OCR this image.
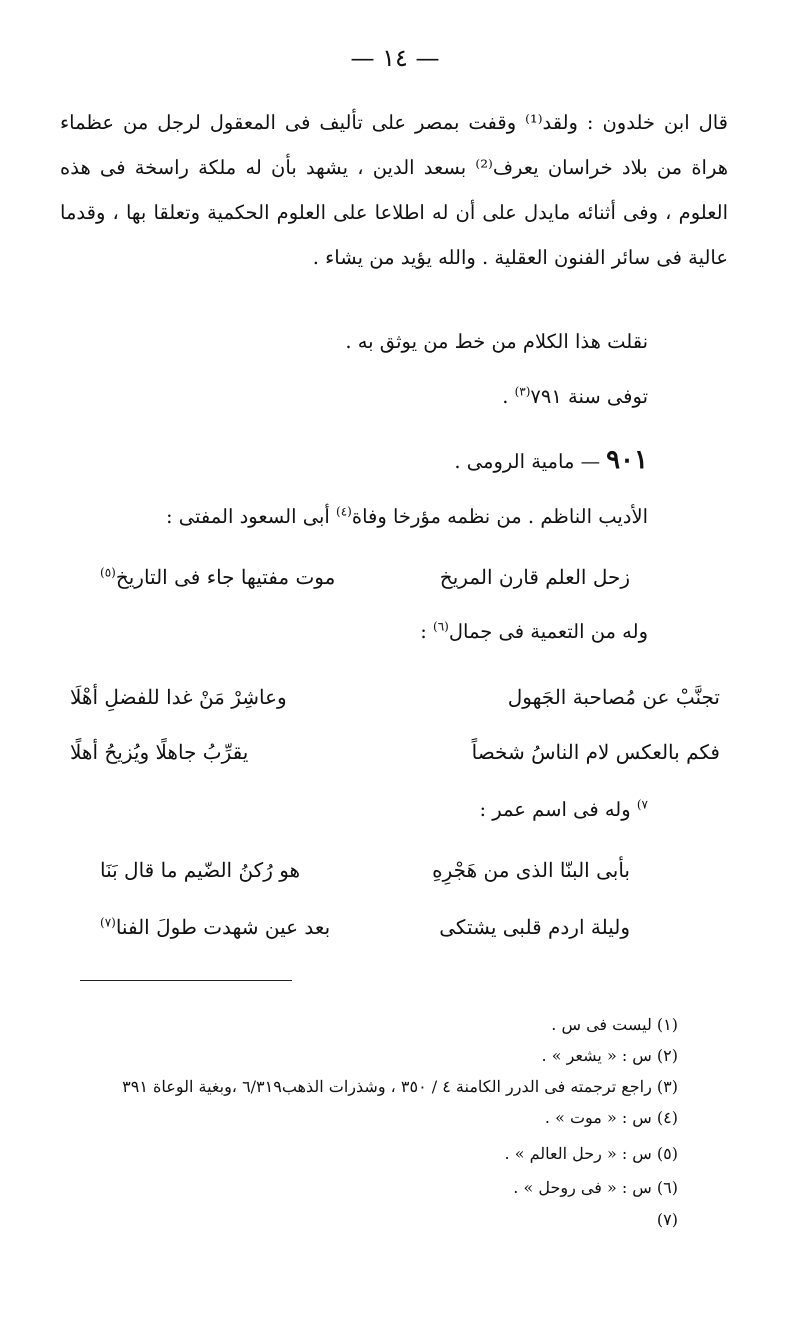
— ١٤ —
قال ابن خلدون : ولقد⁽¹⁾ وقفت بمصر على تأليف فى المعقول لرجل من عظماء هراة من بلاد خراسان يعرف⁽²⁾ بسعد الدين ، يشهد بأن له ملكة راسخة فى هذه العلوم ، وفى أثنائه مايدل على أن له اطلاعا على العلوم الحكمية وتعلقا بها ، وقدما عالية فى سائر الفنون العقلية . والله يؤيد من يشاء .
نقلت هذا الكلام من خط من يوثق به .
توفى سنة ٧٩١$^{(٣)}$ .
٩٠١— مامية الرومى .
الأديب الناظم . من نظمه مؤرخا وفاة$^{(٤)}$ أبى السعود المفتى :
زحل العلم قارن المريخ
موت مفتيها جاء فى التاريخ$^{(٥)}$
وله من التعمية فى جمال$^{(٦)}$ :
تجنَّبْ عن مُصاحبة الجَهول
وعاشِرْ مَنْ غدا للفضلِ أهْلَا
فكم بالعكس لام الناسُ شخصاً
يقرِّبُ جاهلًا ويُزيحُ أهلًا
$^{٧)}$ وله فى اسم عمر :
بأبى البنّا الذى من هَجْرِهِ
هو رُكنُ الضّيم ما قال بَنَا
وليلة اردم قلبى يشتكى
بعد عين شهدت طولَ الفنا$^{(٧)}$
(١) ليست فى س .
(٢) س : « يشعر » .
(٣) راجع ترجمته فى الدرر الكامنة ٤ / ٣٥٠ ، وشذرات الذهب٦/٣١٩ ،وبغية الوعاة ٣٩١
(٤) س : « موت » .
(٥) س : « رحل العالم » .
(٦) س : « فى روحل » .
(٧)
